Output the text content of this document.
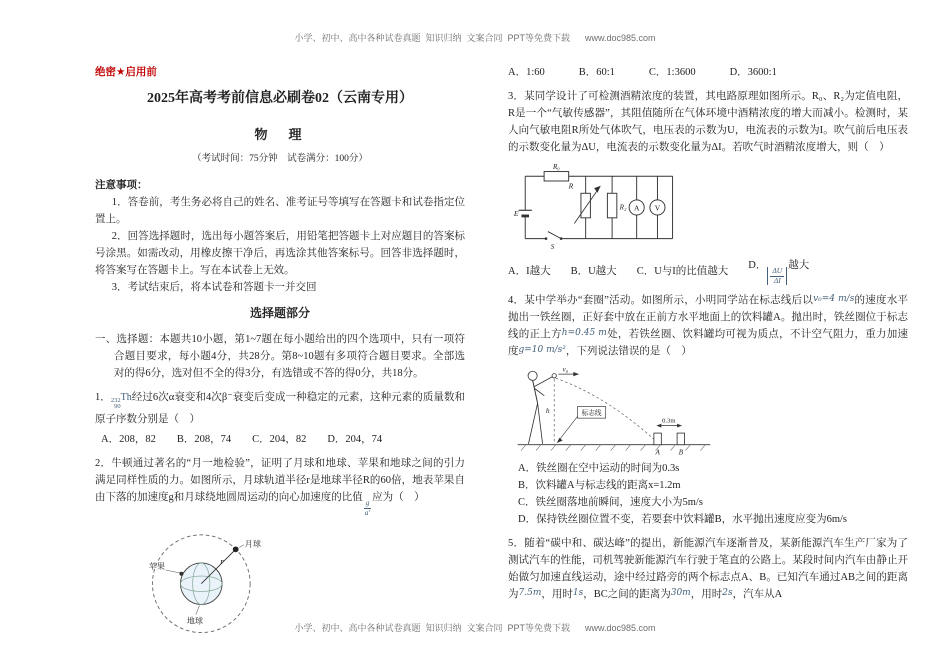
小学、初中、高中各种试卷真题  知识归纳  文案合同  PPT等免费下载      www.doc985.com
绝密★启用前
2025年高考考前信息必刷卷02（云南专用）
物　理
（考试时间：75分钟　试卷满分：100分）
注意事项：

1．答卷前，考生务必将自己的姓名、准考证号等填写在答题卡和试卷指定位置上。

2．回答选择题时，选出每小题答案后，用铅笔把答题卡上对应题目的答案标号涂黑。如需改动，用橡皮擦干净后，再选涂其他答案标号。回答非选择题时，将答案写在答题卡上。写在本试卷上无效。

3．考试结束后，将本试卷和答题卡一并交回

选择题部分

一、选择题：本题共10小题，第1~7题在每小题给出的四个选项中，只有一项符合题目要求，每小题4分，共28分。第8~10题有多项符合题目要求。全部选对的得6分，选对但不全的得3分，有选错或不答的得0分，共18分。

1． 232
90
Th经过6次α衰变和4次β⁻衰变后变成一种稳定的元素，这种元素的质量数和原子序数分别是（　）

A．208，82　　B．208，74　　C．204，82　　D．204，74

2．牛顿通过著名的“月一地检验”，证明了月球和地球、苹果和地球之间的引力满足同样性质的力。如图所示，月球轨道半径r是地球半径R的60倍，地表苹果自由下落的加速度g和月球绕地圆周运动的向心加速度的比值
$\frac{g}{a'}$
应为（　）

r
月球
苹果
地球
A．1:60	B．60:1	C．1:3600	D．3600:1

3．某同学设计了可检测酒精浓度的装置，其电路原理如图所示。R₀、R₂为定值电阻，R是一个“气敏传感器”，其阻值随所在气体环境中酒精浓度的增大而减小。检测时，某人向气敏电阻R所处气体吹气，电压表的示数为U，电流表的示数为I。吹气前后电压表的示数变化量为ΔU，电流表的示数变化量为ΔI。若吹气时酒精浓度增大，则（　）

R₀
R
R₂ A V
E
S
A．I越大 B．U越大 C．U与I的比值越大
D．
$\frac{\Delta U}{\Delta I}$
越大

4．某中学举办“套圈”活动。如图所示，小明同学站在标志线后以v₀=4 m/s的速度水平抛出一铁丝圈，正好套中放在正前方水平地面上的饮料罐A。抛出时，铁丝圈位于标志线的正上方h=0.45 m处，若铁丝圈、饮料罐均可视为质点，不计空气阻力，重力加速度g=10 m/s²，下列说法错误的是（　）

v₀
h	标志线
0.3m
A B
A．铁丝圈在空中运动的时间为0.3s
B．饮料罐A与标志线的距离x=1.2m
C．铁丝圈落地前瞬间，速度大小为5m/s
D．保持铁丝圈位置不变，若要套中饮料罐B，水平抛出速度应变为6m/s

5．随着“碳中和、碳达峰”的提出，新能源汽车逐渐普及，某新能源汽车生产厂家为了测试汽车的性能，司机驾驶新能源汽车行驶于笔直的公路上。某段时间内汽车由静止开始做匀加速直线运动，途中经过路旁的两个标志点A、B。已知汽车通过AB之间的距离为7.5m，用时1s，BC之间的距离为30m，用时2s，汽车从A

小学、初中、高中各种试卷真题  知识归纳  文案合同  PPT等免费下载      www.doc985.com
